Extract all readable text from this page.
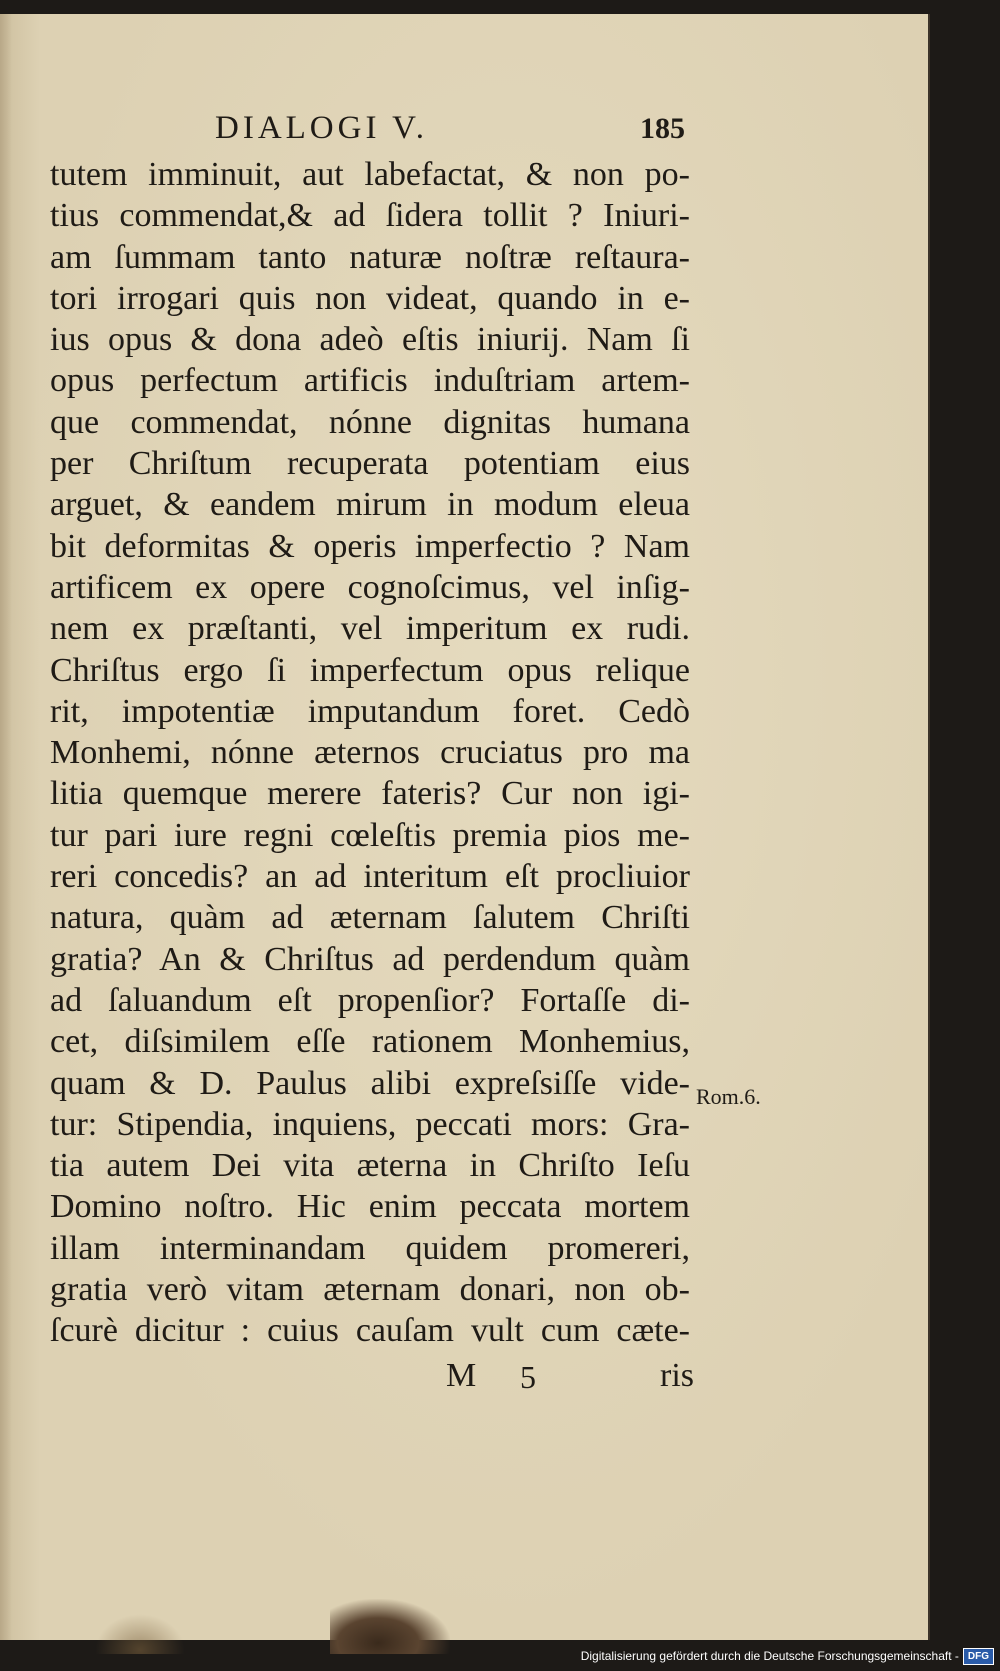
DIALOGI V.	185
tutem imminuit, aut labefactat, & non po-
tius commendat,& ad ſidera tollit ? Iniuri-
am ſummam tanto naturæ noſtræ reſtaura-
tori irrogari quis non videat, quando in e-
ius opus & dona adeò eſtis iniurij. Nam ſi
opus perfectum artificis induſtriam artem-
que commendat, nónne dignitas humana
per Chriſtum recuperata potentiam eius
arguet, & eandem mirum in modum eleua
bit deformitas & operis imperfectio ? Nam
artificem ex opere cognoſcimus, vel inſig-
nem ex præſtanti, vel imperitum ex rudi.
Chriſtus ergo ſi imperfectum opus relique
rit, impotentiæ imputandum foret. Cedò
Monhemi, nónne æternos cruciatus pro ma
litia quemque merere fateris? Cur non igi-
tur pari iure regni cœleſtis premia pios me-
reri concedis? an ad interitum eſt procliuior
natura, quàm ad æternam ſalutem Chriſti
gratia? An & Chriſtus ad perdendum quàm
ad ſaluandum eſt propenſior? Fortaſſe di-
cet, diſsimilem eſſe rationem Monhemius,
quam & D. Paulus alibi expreſsiſſe vide-
tur: Stipendia, inquiens, peccati mors: Gra-
tia autem Dei vita æterna in Chriſto Ieſu
Domino noſtro. Hic enim peccata mortem
illam interminandam quidem promereri,
gratia verò vitam æternam donari, non ob-
ſcurè dicitur : cuius cauſam vult cum cæte-
Rom.6.
M 5	ris
Digitalisierung gefördert durch die Deutsche Forschungsgemeinschaft - DFG
